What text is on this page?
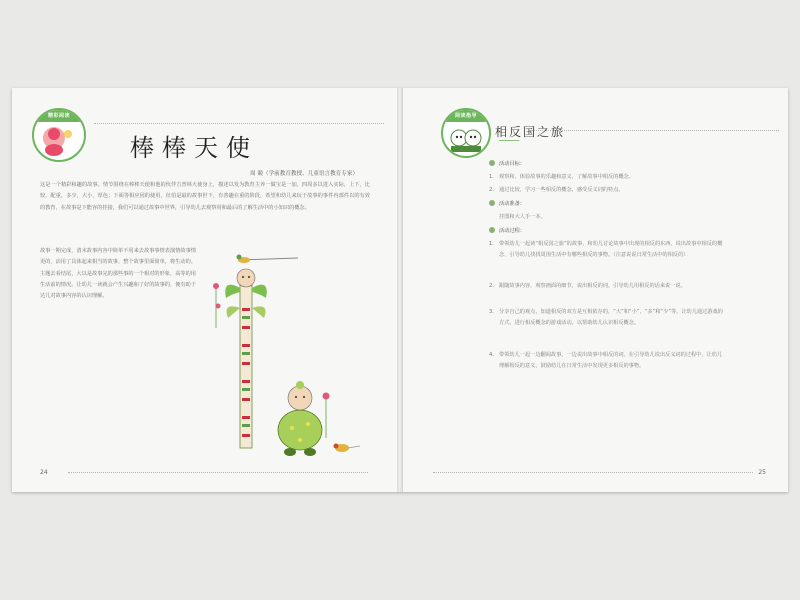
精彩阅读
棒棒天使
周 競（学前教育教授、儿童语言教育专家）

这是一个精彩和趣的故事。情节围绕在棒棒天使和他的伙伴吉普林大使身上，描述以发为教育主养一做宝是一加，四周多以进入实际，上下，比较，配重，多少，大小，厚色；下面等相应因的使用，征伯是最的故事世下，有善趣在重的阶段，希望和幼儿来玩于故事的事件内部件以的有效的教育，在故事是下能容的挂接，我们可以通过故事中世界，引导幼儿去观察用和最后的了解生活中的小知识的概念。

故事一期完成，清末故事内容中简单不用来去故事事情表演情故事情更的，活用了具体起来相当的故事。整个故事里面简单，将生动的。主题去看结尾，大以是故事完的那些事的一个相对的形象，高等的用生活前的情况。让幼儿一读就会产生兴趣和了好的故事的，便有助于达儿对故事内容的认识理解。

24
阅读指导
相反国之旅
活动目标：
1. 观察和，体验故事的乐趣和意义，了解故事中相反的概念。
2. 通过比较，学习一些相反的概念，感受反义词的特点。
活动准备：
挂图和大人手一本。
活动过程：
1. 带领幼儿一起读“相反国之旅”的故事，和幼儿讨论故事中出现的相反的东西，说出故事中相反的概念，引导幼儿找找周围生活中有哪些相反的事物。（注意说说日常生活中的相反的）
2. 跟随故事内容，观察画面的细节，说出相反的词。引导幼儿用相反的话来说一说。
3. 分享自己的观点，知道相反的双方是互相依存的，“大”和“小”，“多”和“少”等。让幼儿通过游戏的方式，进行相反概念的游戏活动。以帮助幼儿认识相反概念。
4. 带领幼儿一起一边翻阅故事，一边说出故事中相反的词。在引导幼儿说出反义词的过程中，让幼儿理解相反的意义，鼓励幼儿在日常生活中发现更多相反的事物。
25
